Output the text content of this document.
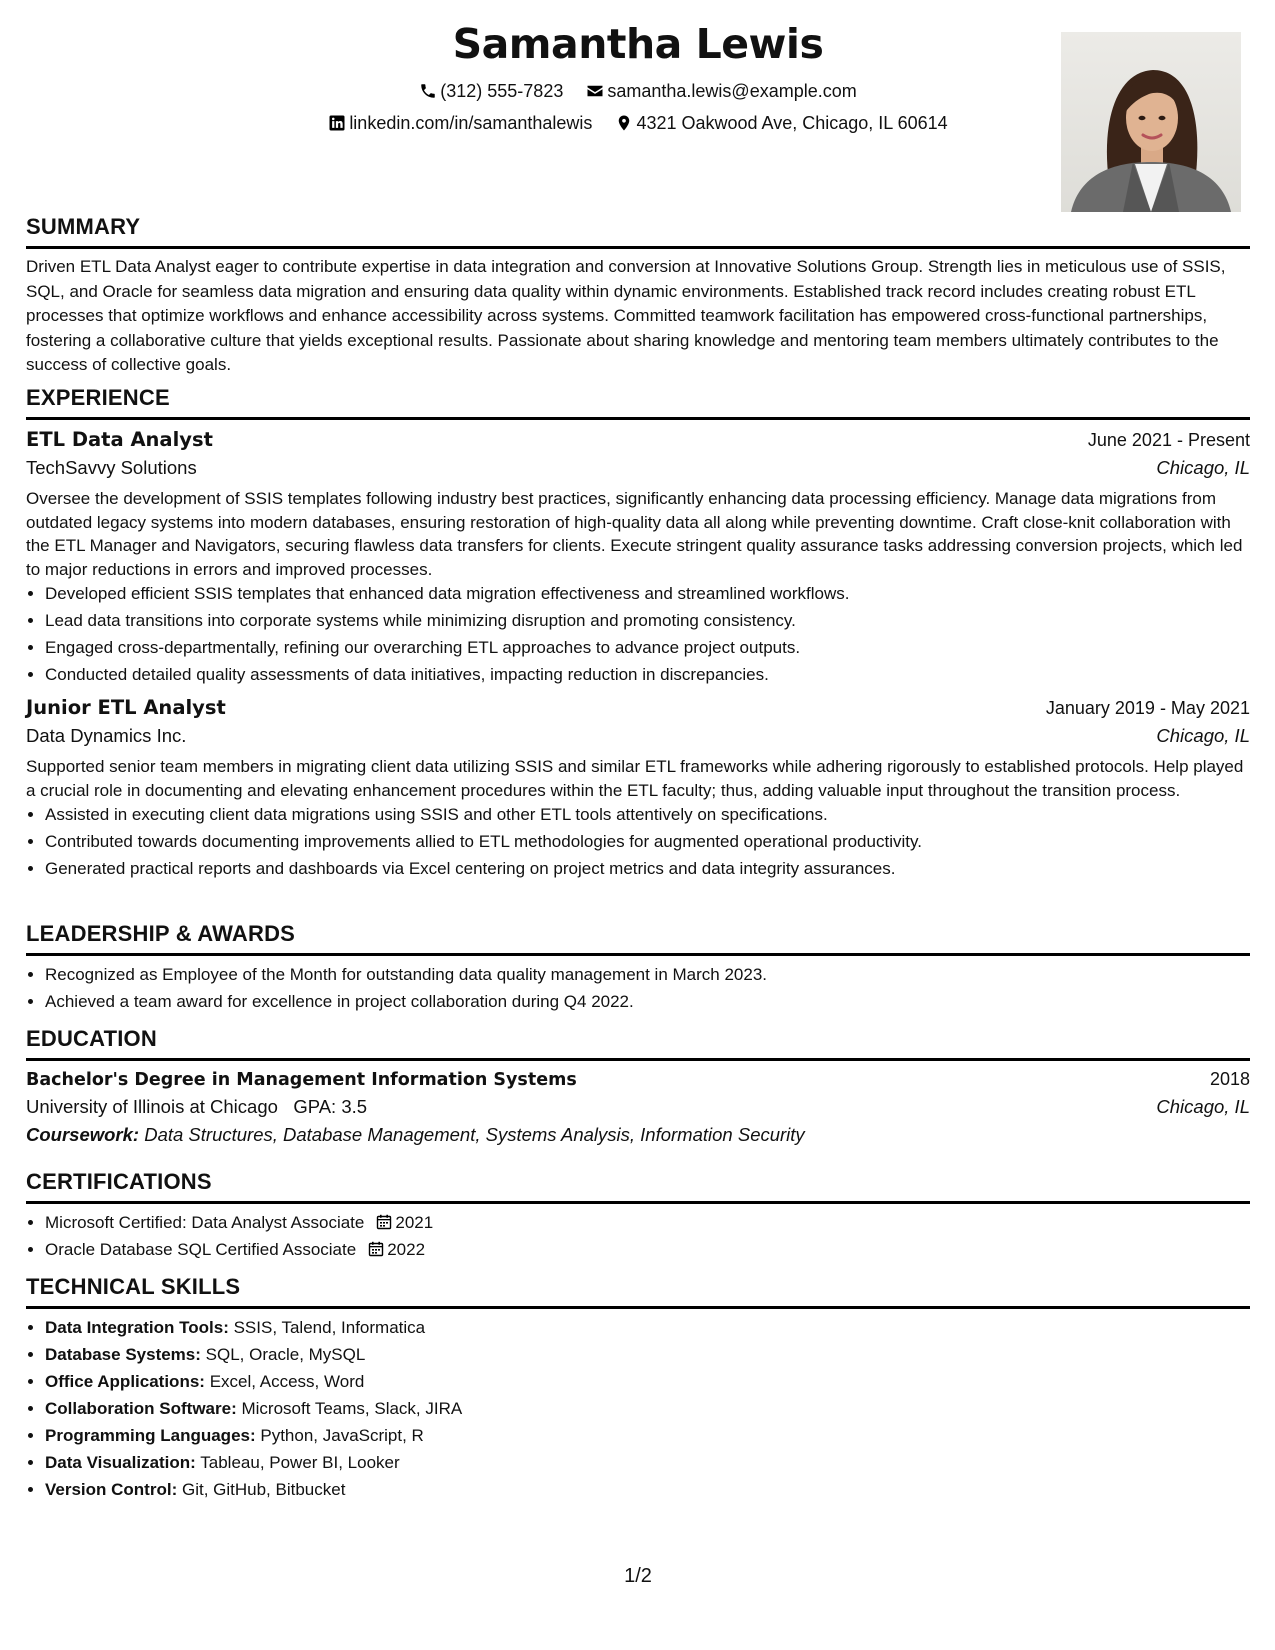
Samantha Lewis
(312) 555-7823 samantha.lewis@example.com
linkedin.com/in/samanthalewis 4321 Oakwood Ave, Chicago, IL 60614
SUMMARY

Driven ETL Data Analyst eager to contribute expertise in data integration and conversion at Innovative Solutions Group. Strength lies in meticulous use of SSIS, SQL, and Oracle for seamless data migration and ensuring data quality within dynamic environments. Established track record includes creating robust ETL processes that optimize workflows and enhance accessibility across systems. Committed teamwork facilitation has empowered cross-functional partnerships, fostering a collaborative culture that yields exceptional results. Passionate about sharing knowledge and mentoring team members ultimately contributes to the success of collective goals.

EXPERIENCE
ETL Data Analyst	June 2021 - Present
TechSavvy Solutions	Chicago, IL

Oversee the development of SSIS templates following industry best practices, significantly enhancing data processing efficiency. Manage data migrations from outdated legacy systems into modern databases, ensuring restoration of high-quality data all along while preventing downtime. Craft close-knit collaboration with the ETL Manager and Navigators, securing flawless data transfers for clients. Execute stringent quality assurance tasks addressing conversion projects, which led to major reductions in errors and improved processes.

• Developed efficient SSIS templates that enhanced data migration effectiveness and streamlined workflows.
• Lead data transitions into corporate systems while minimizing disruption and promoting consistency.
• Engaged cross-departmentally, refining our overarching ETL approaches to advance project outputs.
• Conducted detailed quality assessments of data initiatives, impacting reduction in discrepancies.
Junior ETL Analyst	January 2019 - May 2021
Data Dynamics Inc.	Chicago, IL

Supported senior team members in migrating client data utilizing SSIS and similar ETL frameworks while adhering rigorously to established protocols. Help played a crucial role in documenting and elevating enhancement procedures within the ETL faculty; thus, adding valuable input throughout the transition process.

• Assisted in executing client data migrations using SSIS and other ETL tools attentively on specifications.
• Contributed towards documenting improvements allied to ETL methodologies for augmented operational productivity.
• Generated practical reports and dashboards via Excel centering on project metrics and data integrity assurances.
LEADERSHIP & AWARDS
• Recognized as Employee of the Month for outstanding data quality management in March 2023.
• Achieved a team award for excellence in project collaboration during Q4 2022.
EDUCATION
Bachelor's Degree in Management Information Systems	2018
University of Illinois at Chicago GPA: 3.5	Chicago, IL
Coursework: Data Structures, Database Management, Systems Analysis, Information Security
CERTIFICATIONS
• Microsoft Certified: Data Analyst Associate 2021
• Oracle Database SQL Certified Associate 2022
TECHNICAL SKILLS
• Data Integration Tools: SSIS, Talend, Informatica
• Database Systems: SQL, Oracle, MySQL
• Office Applications: Excel, Access, Word
• Collaboration Software: Microsoft Teams, Slack, JIRA
• Programming Languages: Python, JavaScript, R
• Data Visualization: Tableau, Power BI, Looker
• Version Control: Git, GitHub, Bitbucket
1/2
